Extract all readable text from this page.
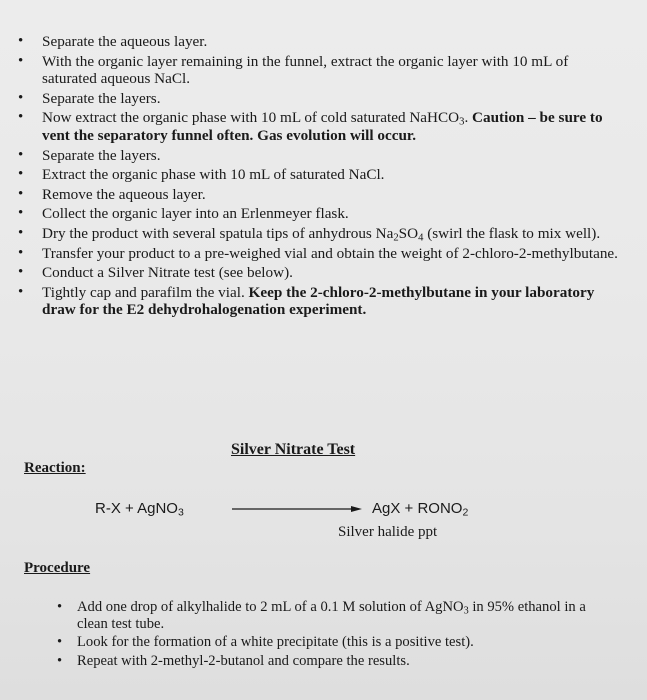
• Separate the aqueous layer.
• With the organic layer remaining in the funnel, extract the organic layer with 10 mL of saturated aqueous NaCl.
• Separate the layers.
• Now extract the organic phase with 10 mL of cold saturated NaHCO$_3$. Caution – be sure to vent the separatory funnel often. Gas evolution will occur.
• Separate the layers.
• Extract the organic phase with 10 mL of saturated NaCl.
• Remove the aqueous layer.
• Collect the organic layer into an Erlenmeyer flask.
• Dry the product with several spatula tips of anhydrous $Na_2SO_4$ (swirl the flask to mix well).
• Transfer your product to a pre-weighed vial and obtain the weight of 2-chloro-2-methylbutane.
• Conduct a Silver Nitrate test (see below).
• Tightly cap and parafilm the vial. Keep the 2-chloro-2-methylbutane in your laboratory draw for the E2 dehydrohalogenation experiment.
Silver Nitrate Test
Reaction:
R-X + AgNO$_3$	AgX + $RONO_2$
Silver halide ppt
Procedure
• Add one drop of alkylhalide to 2 mL of a 0.1 M solution of AgNO$_3$ in 95% ethanol in a clean test tube.
• Look for the formation of a white precipitate (this is a positive test).
• Repeat with 2-methyl-2-butanol and compare the results.
